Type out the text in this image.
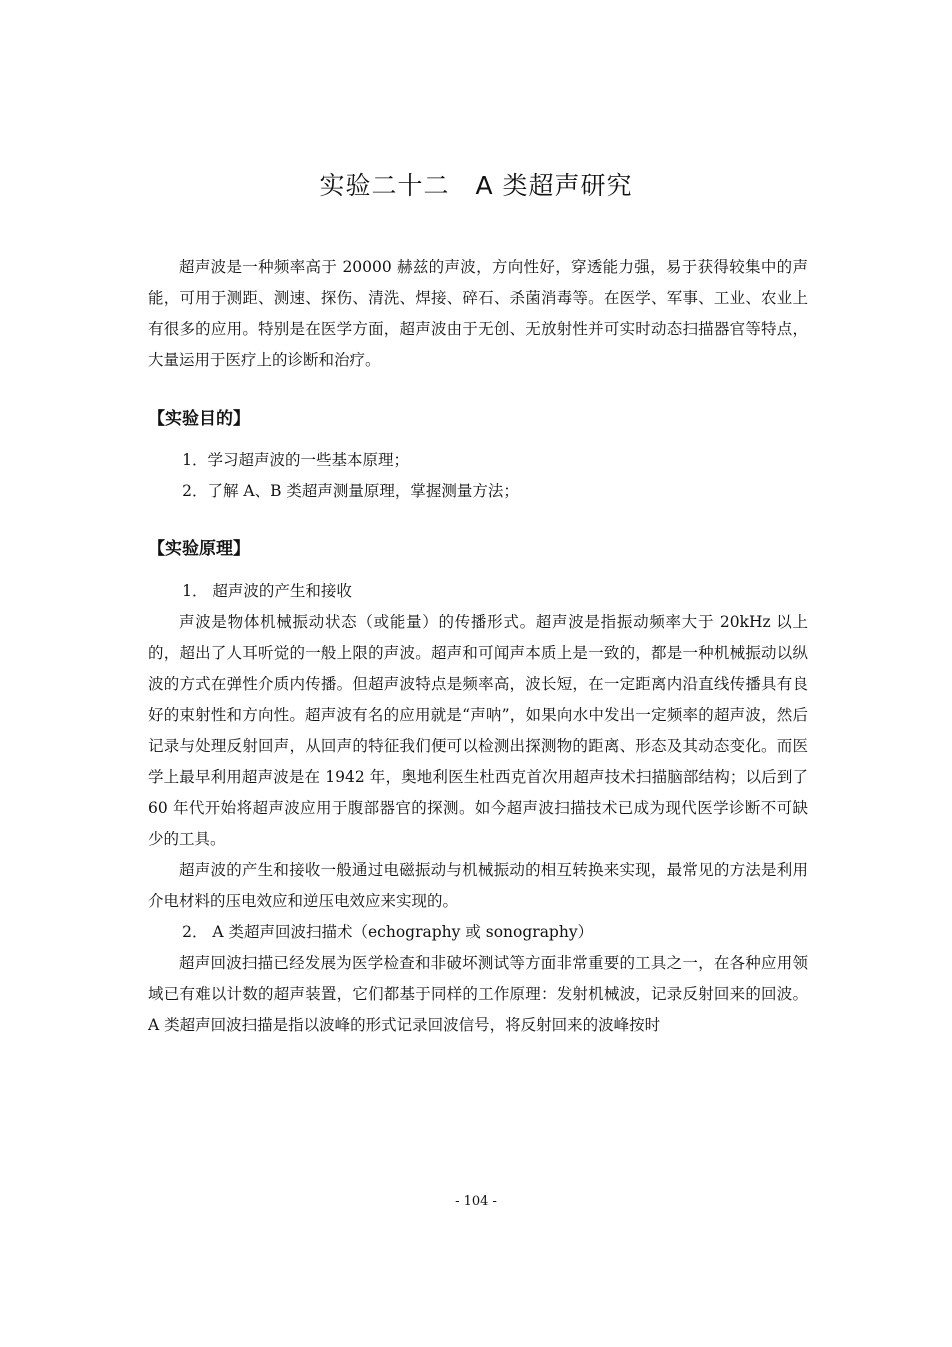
实验二十二　A 类超声研究

超声波是一种频率高于 20000 赫兹的声波，方向性好，穿透能力强，易于获得较集中的声能，可用于测距、测速、探伤、清洗、焊接、碎石、杀菌消毒等。在医学、军事、工业、农业上有很多的应用。特别是在医学方面，超声波由于无创、无放射性并可实时动态扫描器官等特点，大量运用于医疗上的诊断和治疗。

【实验目的】

1．学习超声波的一些基本原理；

2．了解 A、B 类超声测量原理，掌握测量方法；

【实验原理】

1． 超声波的产生和接收

声波是物体机械振动状态（或能量）的传播形式。超声波是指振动频率大于 20kHz 以上的，超出了人耳听觉的一般上限的声波。超声和可闻声本质上是一致的，都是一种机械振动以纵波的方式在弹性介质内传播。但超声波特点是频率高，波长短，在一定距离内沿直线传播具有良好的束射性和方向性。超声波有名的应用就是“声呐”，如果向水中发出一定频率的超声波，然后记录与处理反射回声，从回声的特征我们便可以检测出探测物的距离、形态及其动态变化。而医学上最早利用超声波是在 1942 年，奥地利医生杜西克首次用超声技术扫描脑部结构；以后到了 60 年代开始将超声波应用于腹部器官的探测。如今超声波扫描技术已成为现代医学诊断不可缺少的工具。

超声波的产生和接收一般通过电磁振动与机械振动的相互转换来实现，最常见的方法是利用介电材料的压电效应和逆压电效应来实现的。

2． A 类超声回波扫描术（echography 或 sonography）

超声回波扫描已经发展为医学检查和非破坏测试等方面非常重要的工具之一，在各种应用领域已有难以计数的超声装置，它们都基于同样的工作原理：发射机械波，记录反射回来的回波。A 类超声回波扫描是指以波峰的形式记录回波信号，将反射回来的波峰按时

- 104 -
